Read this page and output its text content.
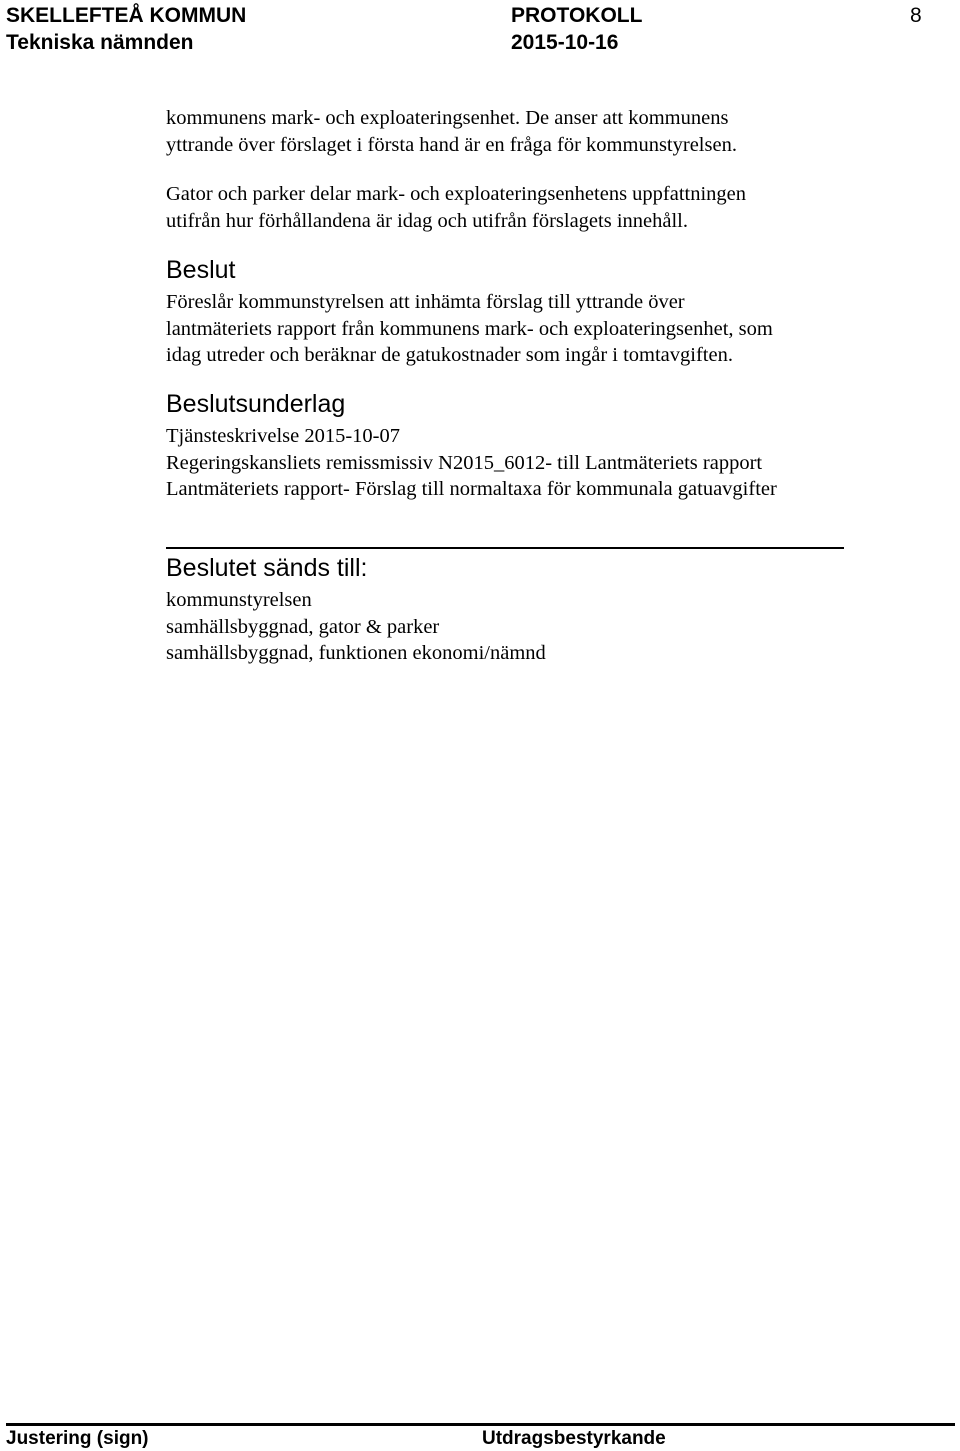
SKELLEFTEÅ KOMMUN
Tekniska nämnden
PROTOKOLL
2015-10-16
8
kommunens mark- och exploateringsenhet. De anser att kommunens
yttrande över förslaget i första hand är en fråga för kommunstyrelsen.
Gator och parker delar mark- och exploateringsenhetens uppfattningen
utifrån hur förhållandena är idag och utifrån förslagets innehåll.
Beslut
Föreslår kommunstyrelsen att inhämta förslag till yttrande över
lantmäteriets rapport från kommunens mark- och exploateringsenhet, som
idag utreder och beräknar de gatukostnader som ingår i tomtavgiften.
Beslutsunderlag
Tjänsteskrivelse 2015-10-07
Regeringskansliets remissmissiv N2015_6012- till Lantmäteriets rapport
Lantmäteriets rapport- Förslag till normaltaxa för kommunala gatuavgifter
Beslutet sänds till:
kommunstyrelsen
samhällsbyggnad, gator & parker
samhällsbyggnad, funktionen ekonomi/nämnd
Justering (sign)	Utdragsbestyrkande
